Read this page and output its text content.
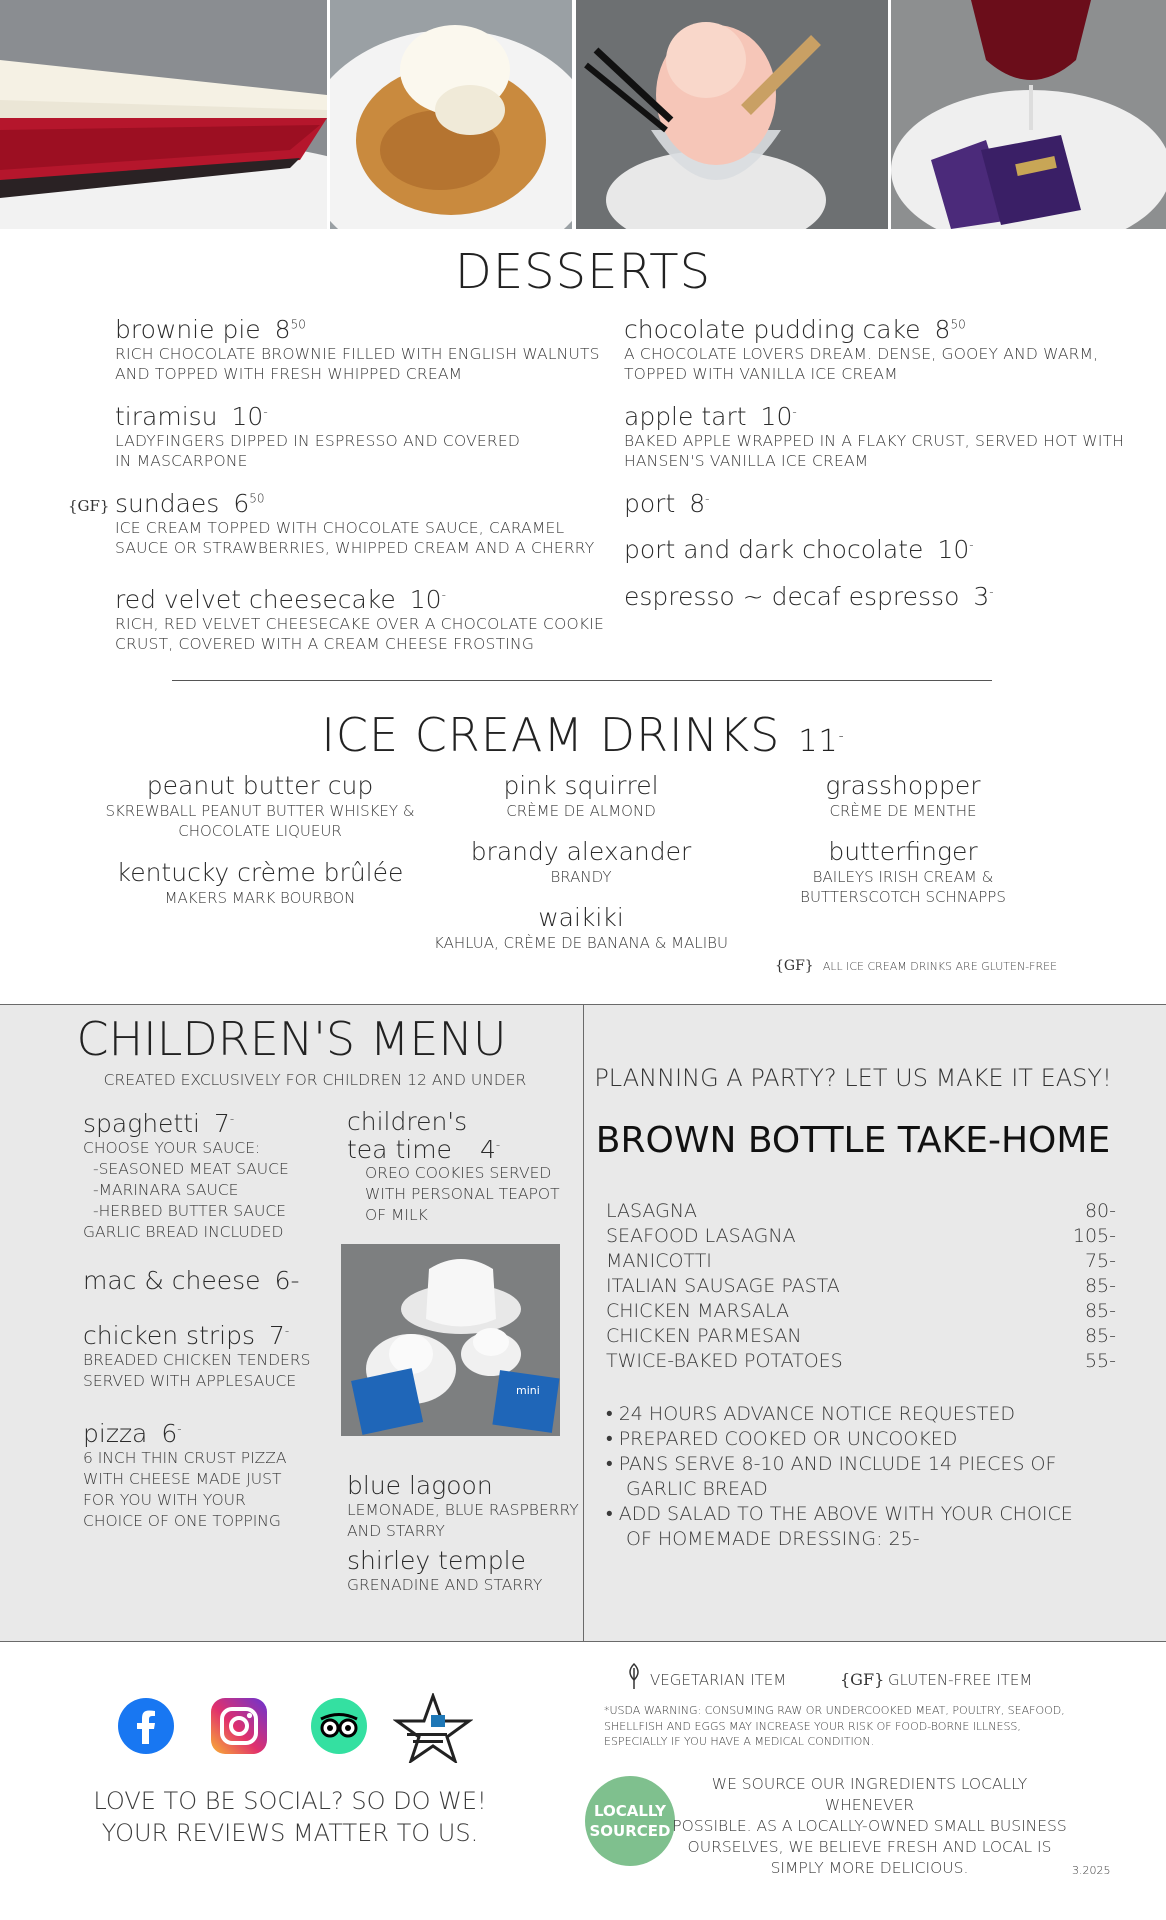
DESSERTS
brownie pie $8^{50}$
RICH CHOCOLATE BROWNIE FILLED WITH ENGLISH WALNUTS
AND TOPPED WITH FRESH WHIPPED CREAM
tiramisu 10-
LADYFINGERS DIPPED IN ESPRESSO AND COVERED
IN MASCARPONE
{GF} sundaes $6^{50}$
ICE CREAM TOPPED WITH CHOCOLATE SAUCE, CARAMEL
SAUCE OR STRAWBERRIES, WHIPPED CREAM AND A CHERRY
red velvet cheesecake 10-
RICH, RED VELVET CHEESECAKE OVER A CHOCOLATE COOKIE
CRUST, COVERED WITH A CREAM CHEESE FROSTING
chocolate pudding cake $8^{50}$
A CHOCOLATE LOVERS DREAM. DENSE, GOOEY AND WARM,
TOPPED WITH VANILLA ICE CREAM
apple tart 10-
BAKED APPLE WRAPPED IN A FLAKY CRUST, SERVED HOT WITH
HANSEN'S VANILLA ICE CREAM
port 8-
port and dark chocolate 10-
espresso ~ decaf espresso 3-
ICE CREAM DRINKS 11-
peanut butter cup
SKREWBALL PEANUT BUTTER WHISKEY &
CHOCOLATE LIQUEUR
kentucky crème brûlée
MAKERS MARK BOURBON
pink squirrel
CRÈME DE ALMOND
brandy alexander
BRANDY
waikiki
KAHLUA, CRÈME DE BANANA & MALIBU
grasshopper
CRÈME DE MENTHE
butterfinger
BAILEYS IRISH CREAM &
BUTTERSCOTCH SCHNAPPS
{GF} ALL ICE CREAM DRINKS ARE GLUTEN-FREE
CHILDREN'S MENU
CREATED EXCLUSIVELY FOR CHILDREN 12 AND UNDER
spaghetti 7-
CHOOSE YOUR SAUCE:
-SEASONED MEAT SAUCE
-MARINARA SAUCE
-HERBED BUTTER SAUCE
GARLIC BREAD INCLUDED
mac & cheese 6-
chicken strips 7-
BREADED CHICKEN TENDERS
SERVED WITH APPLESAUCE
pizza 6-
6 INCH THIN CRUST PIZZA
WITH CHEESE MADE JUST
FOR YOU WITH YOUR
CHOICE OF ONE TOPPING
children's
tea time 4-
OREO COOKIES SERVED
WITH PERSONAL TEAPOT
OF MILK
mini
blue lagoon
LEMONADE, BLUE RASPBERRY
AND STARRY
shirley temple
GRENADINE AND STARRY
PLANNING A PARTY? LET US MAKE IT EASY!
BROWN BOTTLE TAKE-HOME
LASAGNA	80-
SEAFOOD LASAGNA	105-
MANICOTTI	75-
ITALIAN SAUSAGE PASTA	85-
CHICKEN MARSALA	85-
CHICKEN PARMESAN	85-
TWICE-BAKED POTATOES	55-
• 24 HOURS ADVANCE NOTICE REQUESTED
• PREPARED COOKED OR UNCOOKED
• PANS SERVE 8-10 AND INCLUDE 14 PIECES OF
GARLIC BREAD
• ADD SALAD TO THE ABOVE WITH YOUR CHOICE
OF HOMEMADE DRESSING: 25-
LOVE TO BE SOCIAL? SO DO WE!
YOUR REVIEWS MATTER TO US.
VEGETARIAN ITEM	{GF} GLUTEN-FREE ITEM
*USDA WARNING: CONSUMING RAW OR UNDERCOOKED MEAT, POULTRY, SEAFOOD,
SHELLFISH AND EGGS MAY INCREASE YOUR RISK OF FOOD-BORNE ILLNESS,
ESPECIALLY IF YOU HAVE A MEDICAL CONDITION.
LOCALLY
SOURCED
WE SOURCE OUR INGREDIENTS LOCALLY WHENEVER
POSSIBLE. AS A LOCALLY-OWNED SMALL BUSINESS
OURSELVES, WE BELIEVE FRESH AND LOCAL IS
SIMPLY MORE DELICIOUS.	3.2025
